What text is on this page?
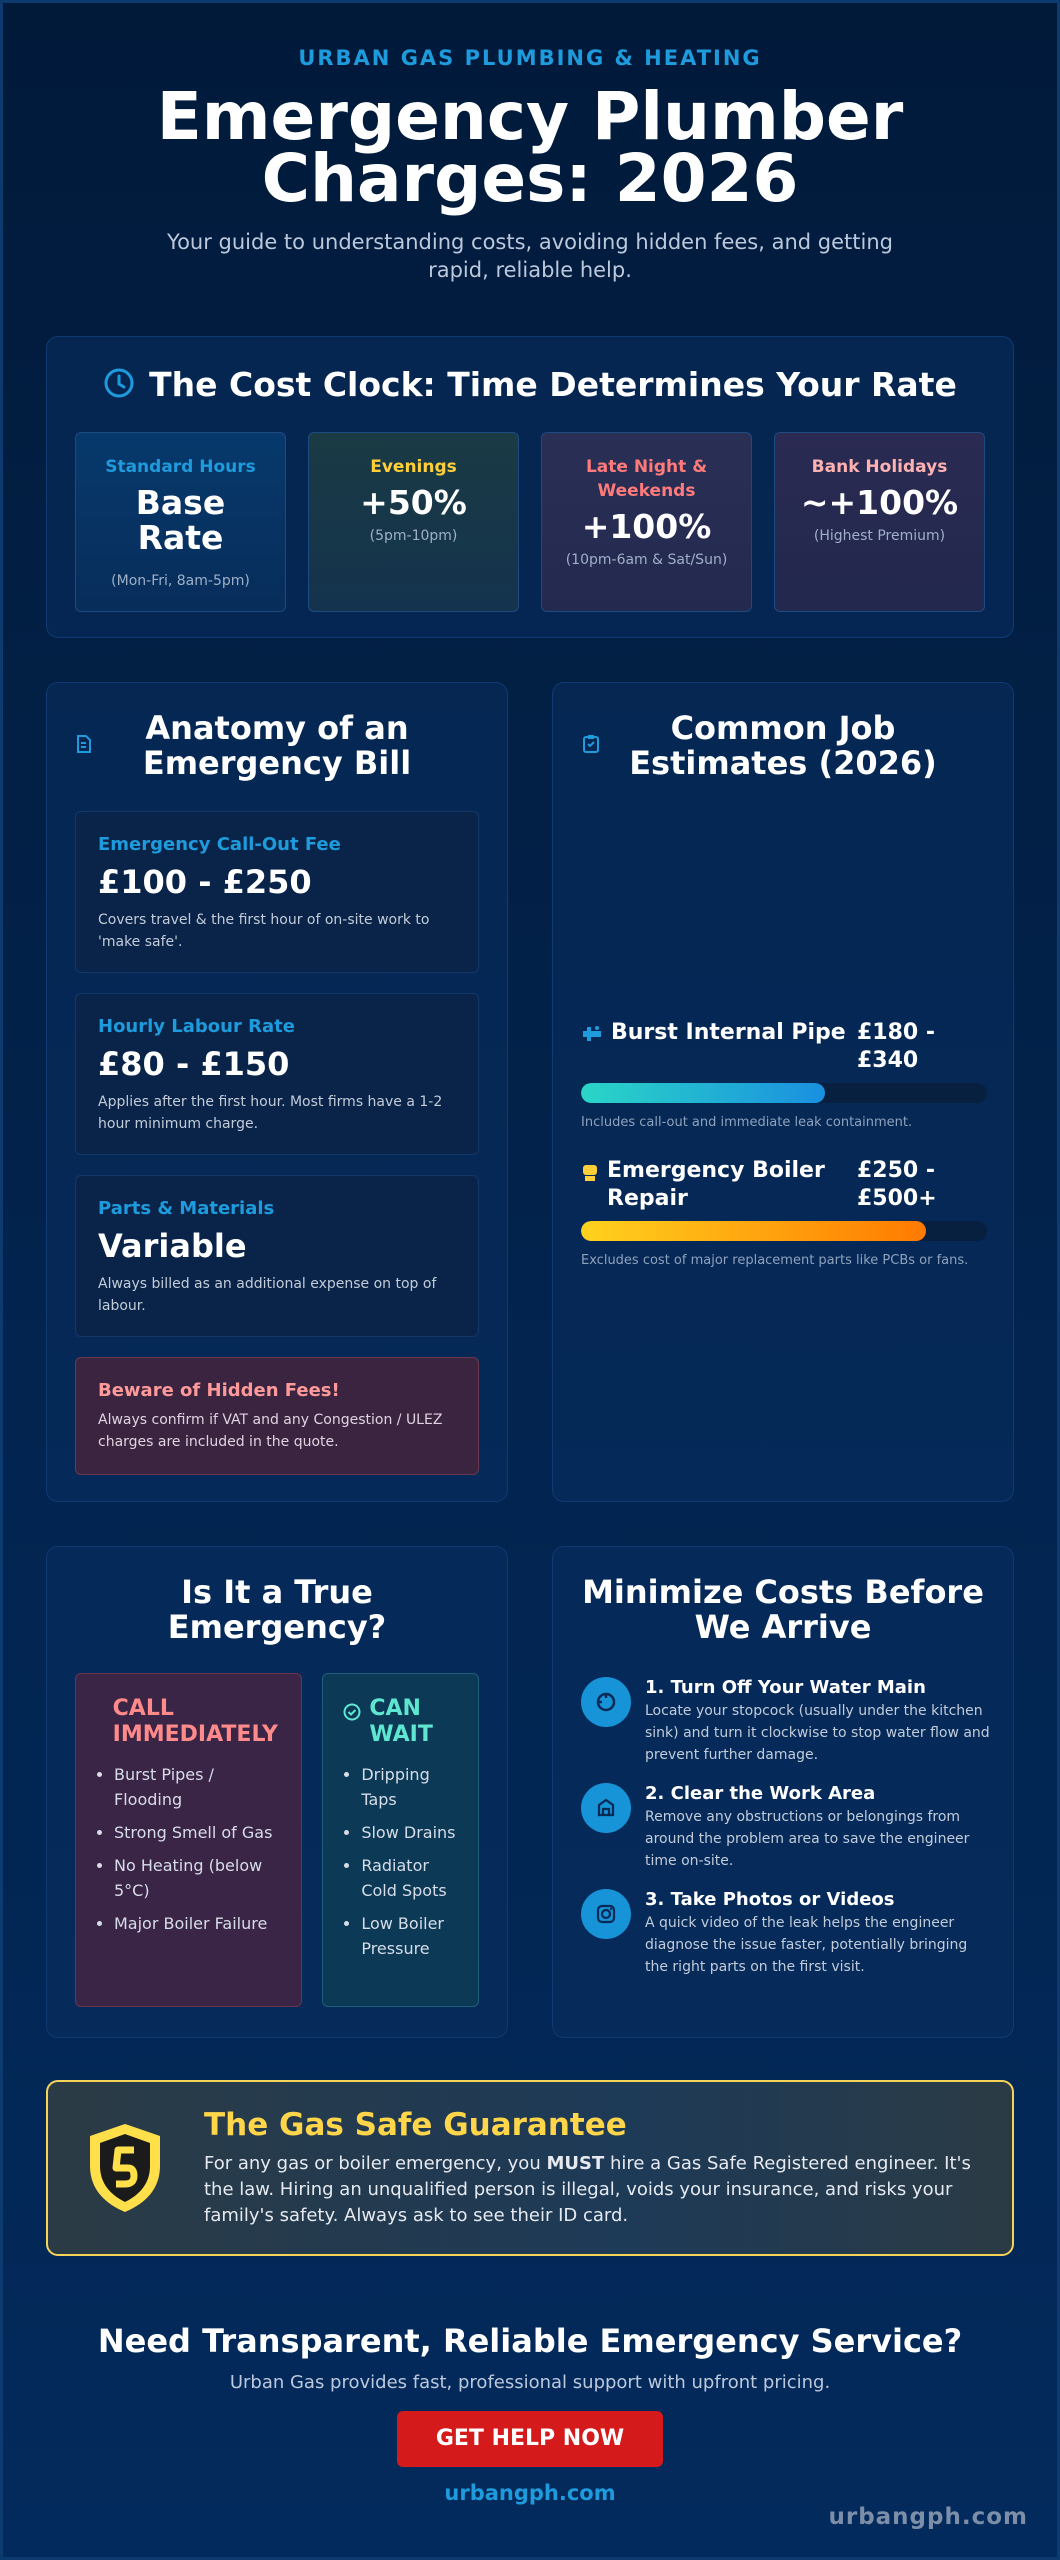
URBAN GAS PLUMBING & HEATING
Emergency Plumber Charges: 2026
Your guide to understanding costs, avoiding hidden fees, and getting rapid, reliable help.
The Cost Clock: Time Determines Your Rate
Standard Hours
Base Rate
(Mon-Fri, 8am-5pm)
Evenings
+50%
(5pm-10pm)
Late Night & Weekends
+100%
(10pm-6am & Sat/Sun)
Bank Holidays
~+100%
(Highest Premium)
Anatomy of an Emergency Bill
Emergency Call-Out Fee
£100 - £250
Covers travel & the first hour of on-site work to 'make safe'.
Hourly Labour Rate
£80 - £150
Applies after the first hour. Most firms have a 1-2 hour minimum charge.
Parts & Materials
Variable
Always billed as an additional expense on top of labour.
Beware of Hidden Fees!
Always confirm if VAT and any Congestion / ULEZ charges are included in the quote.
Common Job Estimates (2026)
Burst Internal Pipe £180 - £340
Includes call-out and immediate leak containment.
Emergency Boiler Repair
£250 - £500+
Excludes cost of major replacement parts like PCBs or fans.
Is It a True Emergency?
CALL IMMEDIATELY
• Burst Pipes / Flooding
• Strong Smell of Gas
• No Heating (below 5°C)
• Major Boiler Failure
CAN WAIT
• Dripping Taps
• Slow Drains
• Radiator Cold Spots
• Low Boiler Pressure
Minimize Costs Before We Arrive
1. Turn Off Your Water Main
Locate your stopcock (usually under the kitchen sink) and turn it clockwise to stop water flow and prevent further damage.
2. Clear the Work Area
Remove any obstructions or belongings from around the problem area to save the engineer time on-site.
3. Take Photos or Videos
A quick video of the leak helps the engineer diagnose the issue faster, potentially bringing the right parts on the first visit.
The Gas Safe Guarantee
For any gas or boiler emergency, you MUST hire a Gas Safe Registered engineer. It's the law. Hiring an unqualified person is illegal, voids your insurance, and risks your family's safety. Always ask to see their ID card.
Need Transparent, Reliable Emergency Service?
Urban Gas provides fast, professional support with upfront pricing.
GET HELP NOW
urbangph.com
urbangph.com
